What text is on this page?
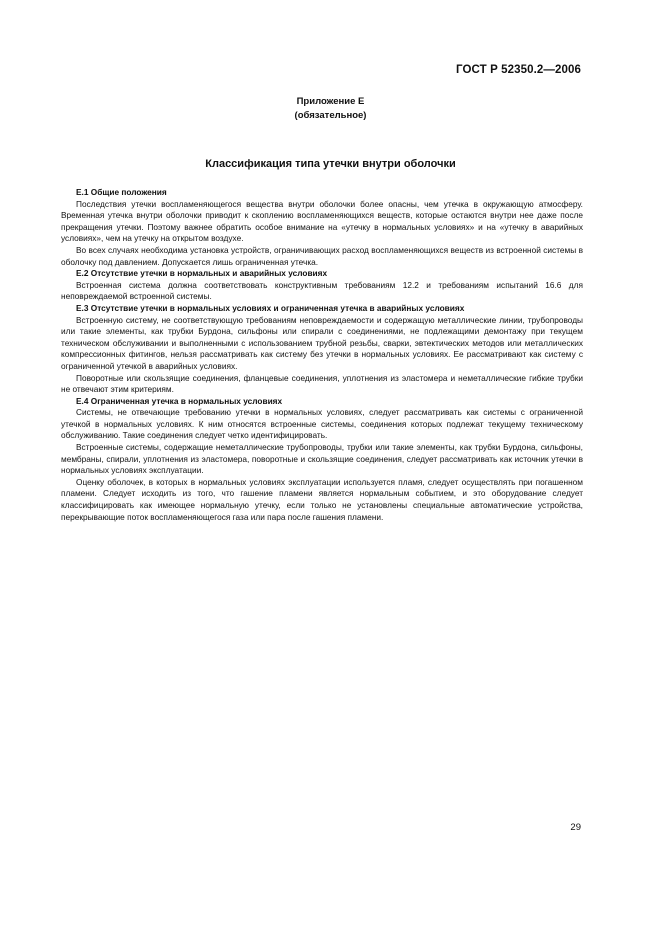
ГОСТ Р 52350.2—2006
Приложение Е
(обязательное)
Классификация типа утечки внутри оболочки
Е.1 Общие положения

Последствия утечки воспламеняющегося вещества внутри оболочки более опасны, чем утечка в окружающую атмосферу. Временная утечка внутри оболочки приводит к скоплению воспламеняющихся веществ, которые остаются внутри нее даже после прекращения утечки. Поэтому важнее обратить особое внимание на «утечку в нормальных условиях» и на «утечку в аварийных условиях», чем на утечку на открытом воздухе.

Во всех случаях необходима установка устройств, ограничивающих расход воспламеняющихся веществ из встроенной системы в оболочку под давлением. Допускается лишь ограниченная утечка.

Е.2 Отсутствие утечки в нормальных и аварийных условиях

Встроенная система должна соответствовать конструктивным требованиям 12.2 и требованиям испытаний 16.6 для неповреждаемой встроенной системы.

Е.3 Отсутствие утечки в нормальных условиях и ограниченная утечка в аварийных условиях

Встроенную систему, не соответствующую требованиям неповреждаемости и содержащую металлические линии, трубопроводы или такие элементы, как трубки Бурдона, сильфоны или спирали с соединениями, не подлежащими демонтажу при текущем техническом обслуживании и выполненными с использованием трубной резьбы, сварки, эвтектических методов или металлических компрессионных фитингов, нельзя рассматривать как систему без утечки в нормальных условиях. Ее рассматривают как систему с ограниченной утечкой в аварийных условиях.

Поворотные или скользящие соединения, фланцевые соединения, уплотнения из эластомера и неметаллические гибкие трубки не отвечают этим критериям.

Е.4 Ограниченная утечка в нормальных условиях

Системы, не отвечающие требованию утечки в нормальных условиях, следует рассматривать как системы с ограниченной утечкой в нормальных условиях. К ним относятся встроенные системы, соединения которых подлежат текущему техническому обслуживанию. Такие соединения следует четко идентифицировать.

Встроенные системы, содержащие неметаллические трубопроводы, трубки или такие элементы, как трубки Бурдона, сильфоны, мембраны, спирали, уплотнения из эластомера, поворотные и скользящие соединения, следует рассматривать как источник утечки в нормальных условиях эксплуатации.

Оценку оболочек, в которых в нормальных условиях эксплуатации используется пламя, следует осуществлять при погашенном пламени. Следует исходить из того, что гашение пламени является нормальным событием, и это оборудование следует классифицировать как имеющее нормальную утечку, если только не установлены специальные автоматические устройства, перекрывающие поток воспламеняющегося газа или пара после гашения пламени.

29
